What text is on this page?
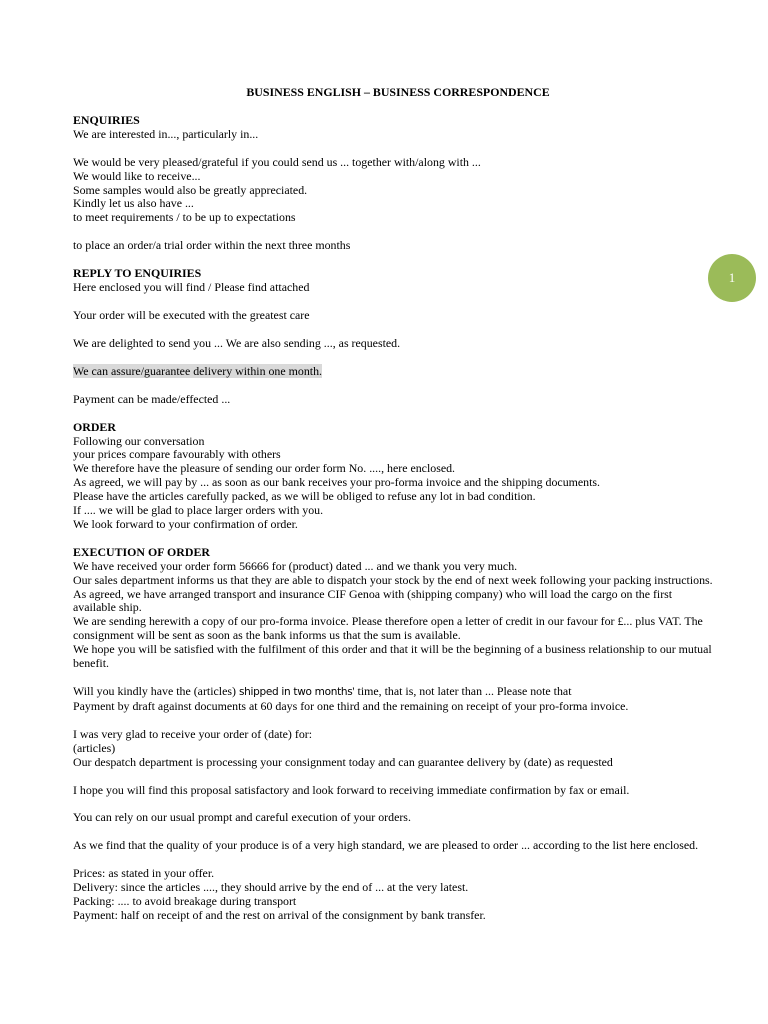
1
BUSINESS ENGLISH – BUSINESS CORRESPONDENCE
ENQUIRIES
We are interested in..., particularly in...
We would be very pleased/grateful if you could send us ... together with/along with ...
We would like to receive...
Some samples would also be greatly appreciated.
Kindly let us also have ...
to meet requirements / to be up to expectations
to place an order/a trial order within the next three months
REPLY TO ENQUIRIES
Here enclosed you will find / Please find attached
Your order will be executed with the greatest care
We are delighted to send you ... We are also sending ..., as requested.
We can assure/guarantee delivery within one month.
Payment can be made/effected ...
ORDER
Following our conversation
your prices compare favourably with others
We therefore have the pleasure of sending our order form No. ...., here enclosed.
As agreed, we will pay by ... as soon as our bank receives your pro-forma invoice and the shipping documents.
Please have the articles carefully packed, as we will be obliged to refuse any lot in bad condition.
If .... we will be glad to place larger orders with you.
We look forward to your confirmation of order.
EXECUTION OF ORDER
We have received your order form 56666 for (product) dated ... and we thank you very much.
Our sales department informs us that they are able to dispatch your stock by the end of next week following your packing instructions.
As agreed, we have arranged transport and insurance CIF Genoa with (shipping company) who will load the cargo on the first available ship.
We are sending herewith a copy of our pro-forma invoice. Please therefore open a letter of credit in our favour for £... plus VAT. The consignment will be sent as soon as the bank informs us that the sum is available.
We hope you will be satisfied with the fulfilment of this order and that it will be the beginning of a business relationship to our mutual benefit.
Will you kindly have the (articles) shipped in two months' time, that is, not later than ... Please note that
Payment by draft against documents at 60 days for one third and the remaining on receipt of your pro-forma invoice.
I was very glad to receive your order of (date) for:
(articles)
Our despatch department is processing your consignment today and can guarantee delivery by (date) as requested
I hope you will find this proposal satisfactory and look forward to receiving immediate confirmation by fax or email.
You can rely on our usual prompt and careful execution of your orders.
As we find that the quality of your produce is of a very high standard, we are pleased to order ... according to the list here enclosed.
Prices: as stated in your offer.
Delivery: since the articles ...., they should arrive by the end of ... at the very latest.
Packing: .... to avoid breakage during transport
Payment: half on receipt of and the rest on arrival of the consignment by bank transfer.
